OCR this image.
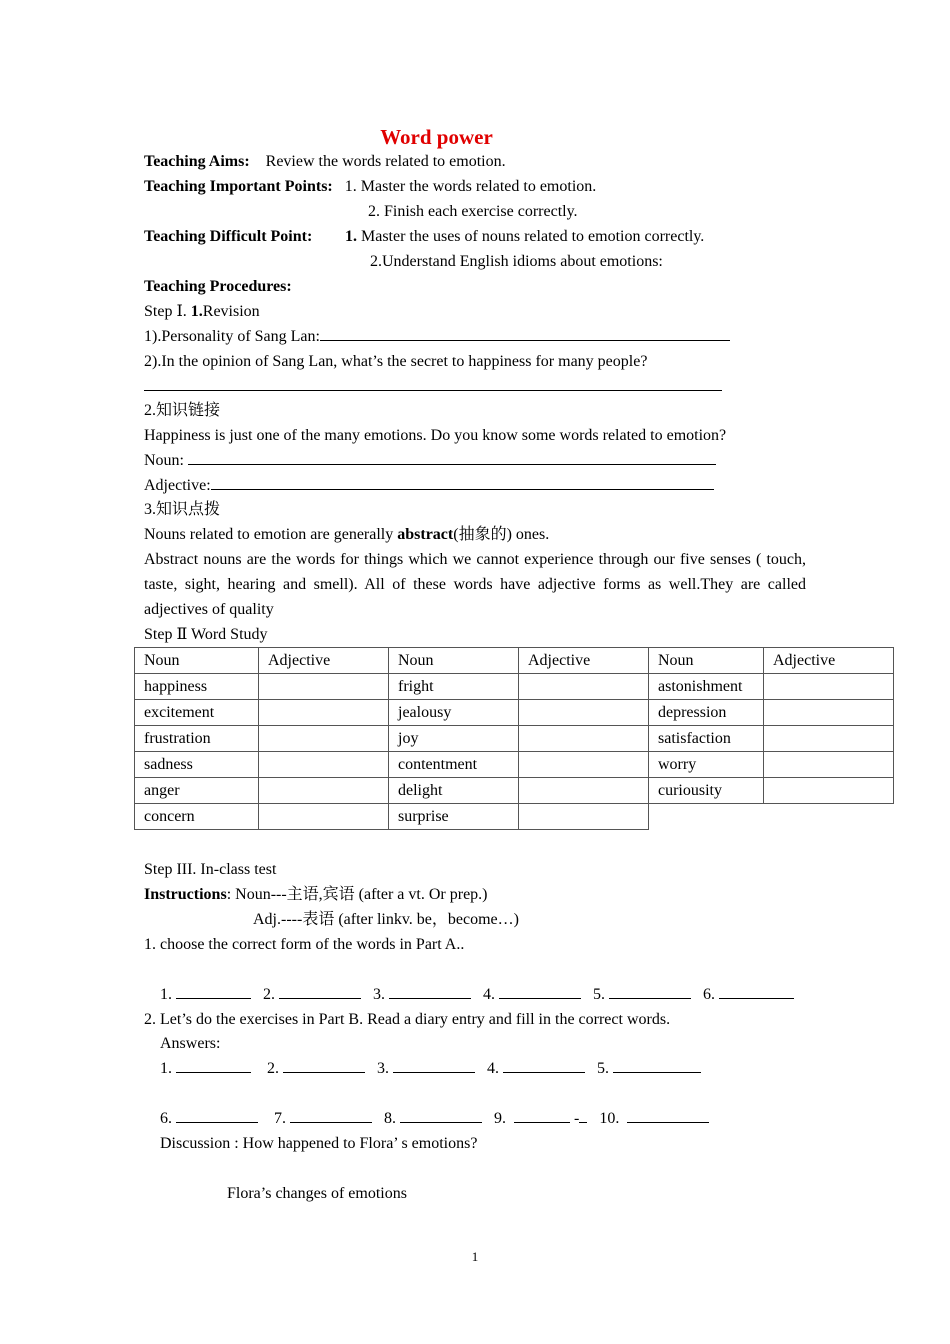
Word power
Teaching Aims: Review the words related to emotion.
Teaching Important Points: 1. Master the words related to emotion.
2. Finish each exercise correctly.
Teaching Difficult Point: 1. Master the uses of nouns related to emotion correctly.
2.Understand English idioms about emotions:
Teaching Procedures:
Step Ⅰ. 1.Revision
1).Personality of Sang Lan:
2).In the opinion of Sang Lan, what’s the secret to happiness for many people?
2.知识链接
Happiness is just one of the many emotions. Do you know some words related to emotion?
Noun:
Adjective:
3.知识点拨
Nouns related to emotion are generally abstract(抽象的) ones.
Abstract nouns are the words for things which we cannot experience through our five senses ( touch, taste, sight, hearing and smell). All of these words have adjective forms as well.They are called adjectives of quality
Step Ⅱ Word Study
Noun	Adjective	Noun	Adjective	Noun	Adjective
happiness		fright		astonishment	
excitement		jealousy		depression	
frustration		joy		satisfaction	
sadness		contentment		worry	
anger		delight		curiousity	
concern		surprise			
Step III. In-class test
Instructions: Noun---主语,宾语 (after a vt. Or prep.)
Adj.----表语 (after linkv. be，become…)
1. choose the correct form of the words in Part A..
1.	2.	3.	4.	5.	6.
2. Let’s do the exercises in Part B. Read a diary entry and fill in the correct words.
Answers:
1.	2.	3.	4.	5.
6.	7.	8.	9.	- 10.
Discussion : How happened to Flora’ s emotions?
Flora’s changes of emotions
1
